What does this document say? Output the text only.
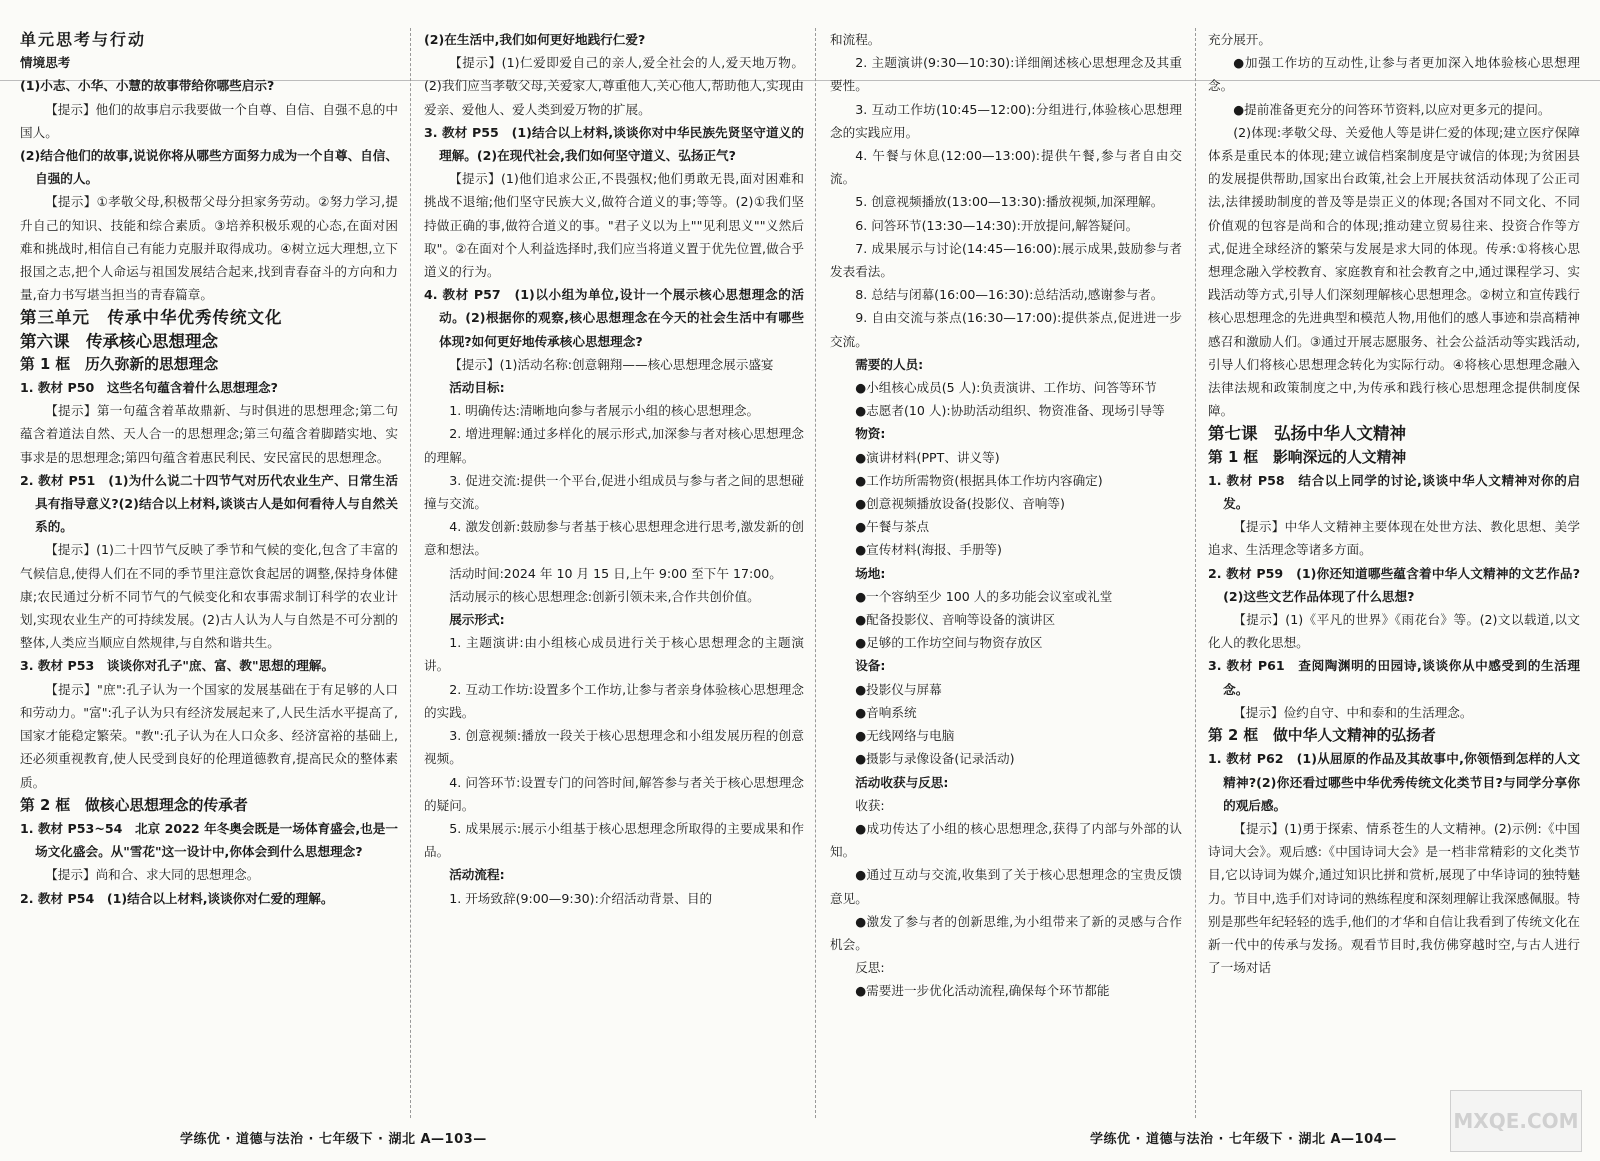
单元思考与行动

情境思考

(1)小志、小华、小慧的故事带给你哪些启示?

【提示】他们的故事启示我要做一个自尊、自信、自强不息的中国人。

(2)结合他们的故事,说说你将从哪些方面努力成为一个自尊、自信、自强的人。

【提示】①孝敬父母,积极帮父母分担家务劳动。②努力学习,提升自己的知识、技能和综合素质。③培养积极乐观的心态,在面对困难和挑战时,相信自己有能力克服并取得成功。④树立远大理想,立下报国之志,把个人命运与祖国发展结合起来,找到青春奋斗的方向和力量,奋力书写堪当担当的青春篇章。

第三单元　传承中华优秀传统文化

第六课　传承核心思想理念

第 1 框　历久弥新的思想理念

1. 教材 P50　这些名句蕴含着什么思想理念?

【提示】第一句蕴含着革故鼎新、与时俱进的思想理念;第二句蕴含着道法自然、天人合一的思想理念;第三句蕴含着脚踏实地、实事求是的思想理念;第四句蕴含着惠民利民、安民富民的思想理念。

2. 教材 P51　(1)为什么说二十四节气对历代农业生产、日常生活具有指导意义?(2)结合以上材料,谈谈古人是如何看待人与自然关系的。

【提示】(1)二十四节气反映了季节和气候的变化,包含了丰富的气候信息,使得人们在不同的季节里注意饮食起居的调整,保持身体健康;农民通过分析不同节气的气候变化和农事需求制订科学的农业计划,实现农业生产的可持续发展。(2)古人认为人与自然是不可分割的整体,人类应当顺应自然规律,与自然和谐共生。

3. 教材 P53　谈谈你对孔子"庶、富、教"思想的理解。

【提示】"庶":孔子认为一个国家的发展基础在于有足够的人口和劳动力。"富":孔子认为只有经济发展起来了,人民生活水平提高了,国家才能稳定繁荣。"教":孔子认为在人口众多、经济富裕的基础上,还必须重视教育,使人民受到良好的伦理道德教育,提高民众的整体素质。

第 2 框　做核心思想理念的传承者

1. 教材 P53~54　北京 2022 年冬奥会既是一场体育盛会,也是一场文化盛会。从"雪花"这一设计中,你体会到什么思想理念?

【提示】尚和合、求大同的思想理念。

2. 教材 P54　(1)结合以上材料,谈谈你对仁爱的理解。

(2)在生活中,我们如何更好地践行仁爱?

【提示】(1)仁爱即爱自己的亲人,爱全社会的人,爱天地万物。(2)我们应当孝敬父母,关爱家人,尊重他人,关心他人,帮助他人,实现由爱亲、爱他人、爱人类到爱万物的扩展。

3. 教材 P55　(1)结合以上材料,谈谈你对中华民族先贤坚守道义的理解。(2)在现代社会,我们如何坚守道义、弘扬正气?

【提示】(1)他们追求公正,不畏强权;他们勇敢无畏,面对困难和挑战不退缩;他们坚守民族大义,做符合道义的事;等等。(2)①我们坚持做正确的事,做符合道义的事。"君子义以为上""见利思义""义然后取"。②在面对个人利益选择时,我们应当将道义置于优先位置,做合乎道义的行为。

4. 教材 P57　(1)以小组为单位,设计一个展示核心思想理念的活动。(2)根据你的观察,核心思想理念在今天的社会生活中有哪些体现?如何更好地传承核心思想理念?

【提示】(1)活动名称:创意翱翔——核心思想理念展示盛宴

活动目标:

1. 明确传达:清晰地向参与者展示小组的核心思想理念。

2. 增进理解:通过多样化的展示形式,加深参与者对核心思想理念的理解。

3. 促进交流:提供一个平台,促进小组成员与参与者之间的思想碰撞与交流。

4. 激发创新:鼓励参与者基于核心思想理念进行思考,激发新的创意和想法。

活动时间:2024 年 10 月 15 日,上午 9:00 至下午 17:00。

活动展示的核心思想理念:创新引领未来,合作共创价值。

展示形式:

1. 主题演讲:由小组核心成员进行关于核心思想理念的主题演讲。

2. 互动工作坊:设置多个工作坊,让参与者亲身体验核心思想理念的实践。

3. 创意视频:播放一段关于核心思想理念和小组发展历程的创意视频。

4. 问答环节:设置专门的问答时间,解答参与者关于核心思想理念的疑问。

5. 成果展示:展示小组基于核心思想理念所取得的主要成果和作品。

活动流程:

1. 开场致辞(9:00—9:30):介绍活动背景、目的

和流程。

2. 主题演讲(9:30—10:30):详细阐述核心思想理念及其重要性。

3. 互动工作坊(10:45—12:00):分组进行,体验核心思想理念的实践应用。

4. 午餐与休息(12:00—13:00):提供午餐,参与者自由交流。

5. 创意视频播放(13:00—13:30):播放视频,加深理解。

6. 问答环节(13:30—14:30):开放提问,解答疑问。

7. 成果展示与讨论(14:45—16:00):展示成果,鼓励参与者发表看法。

8. 总结与闭幕(16:00—16:30):总结活动,感谢参与者。

9. 自由交流与茶点(16:30—17:00):提供茶点,促进进一步交流。

需要的人员:

●小组核心成员(5 人):负责演讲、工作坊、问答等环节

●志愿者(10 人):协助活动组织、物资准备、现场引导等

物资:

●演讲材料(PPT、讲义等)

●工作坊所需物资(根据具体工作坊内容确定)

●创意视频播放设备(投影仪、音响等)

●午餐与茶点

●宣传材料(海报、手册等)

场地:

●一个容纳至少 100 人的多功能会议室或礼堂

●配备投影仪、音响等设备的演讲区

●足够的工作坊空间与物资存放区

设备:

●投影仪与屏幕

●音响系统

●无线网络与电脑

●摄影与录像设备(记录活动)

活动收获与反思:

收获:

●成功传达了小组的核心思想理念,获得了内部与外部的认知。

●通过互动与交流,收集到了关于核心思想理念的宝贵反馈意见。

●激发了参与者的创新思维,为小组带来了新的灵感与合作机会。

反思:

●需要进一步优化活动流程,确保每个环节都能

充分展开。

●加强工作坊的互动性,让参与者更加深入地体验核心思想理念。

●提前准备更充分的问答环节资料,以应对更多元的提问。

(2)体现:孝敬父母、关爱他人等是讲仁爱的体现;建立医疗保障体系是重民本的体现;建立诚信档案制度是守诚信的体现;为贫困县的发展提供帮助,国家出台政策,社会上开展扶贫活动体现了公正司法,法律援助制度的普及等是崇正义的体现;各国对不同文化、不同价值观的包容是尚和合的体现;推动建立贸易往来、投资合作等方式,促进全球经济的繁荣与发展是求大同的体现。传承:①将核心思想理念融入学校教育、家庭教育和社会教育之中,通过课程学习、实践活动等方式,引导人们深刻理解核心思想理念。②树立和宣传践行核心思想理念的先进典型和模范人物,用他们的感人事迹和崇高精神感召和激励人们。③通过开展志愿服务、社会公益活动等实践活动,引导人们将核心思想理念转化为实际行动。④将核心思想理念融入法律法规和政策制度之中,为传承和践行核心思想理念提供制度保障。

第七课　弘扬中华人文精神

第 1 框　影响深远的人文精神

1. 教材 P58　结合以上同学的讨论,谈谈中华人文精神对你的启发。

【提示】中华人文精神主要体现在处世方法、教化思想、美学追求、生活理念等诸多方面。

2. 教材 P59　(1)你还知道哪些蕴含着中华人文精神的文艺作品?(2)这些文艺作品体现了什么思想?

【提示】(1)《平凡的世界》《雨花台》等。(2)文以载道,以文化人的教化思想。

3. 教材 P61　查阅陶渊明的田园诗,谈谈你从中感受到的生活理念。

【提示】俭约自守、中和泰和的生活理念。

第 2 框　做中华人文精神的弘扬者

1. 教材 P62　(1)从屈原的作品及其故事中,你领悟到怎样的人文精神?(2)你还看过哪些中华优秀传统文化类节目?与同学分享你的观后感。

【提示】(1)勇于探索、情系苍生的人文精神。(2)示例:《中国诗词大会》。观后感:《中国诗词大会》是一档非常精彩的文化类节目,它以诗词为媒介,通过知识比拼和赏析,展现了中华诗词的独特魅力。节目中,选手们对诗词的熟练程度和深刻理解让我深感佩服。特别是那些年纪轻轻的选手,他们的才华和自信让我看到了传统文化在新一代中的传承与发扬。观看节目时,我仿佛穿越时空,与古人进行了一场对话

学练优 · 道德与法治 · 七年级下 · 湖北 A—103—	学练优 · 道德与法治 · 七年级下 · 湖北 A—104—
MXQE.COM
